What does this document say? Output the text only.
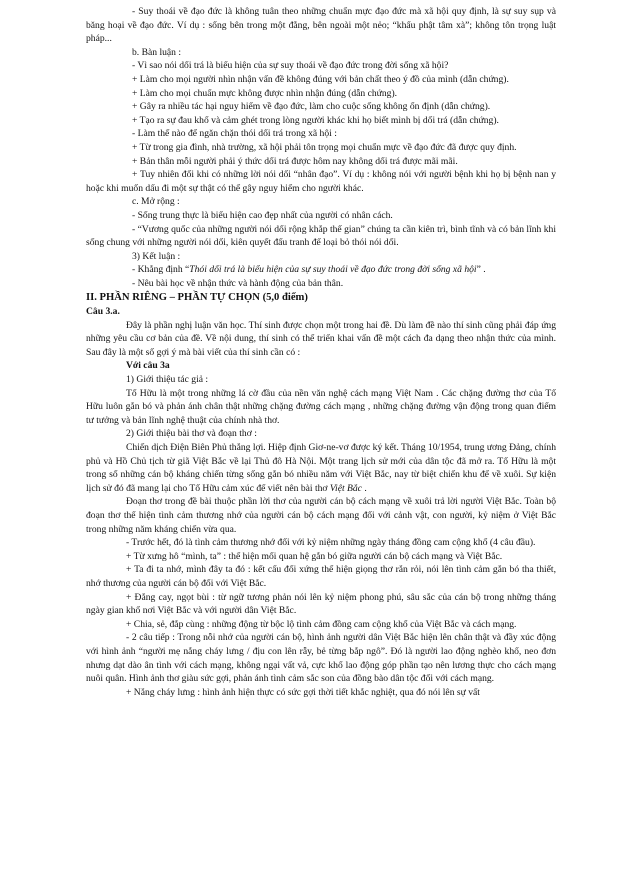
- Suy thoái về đạo đức là không tuân theo những chuẩn mực đạo đức mà xã hội quy định, là sự suy sụp và băng hoại về đạo đức. Ví dụ : sống bên trong một đằng, bên ngoài một nẻo; “khẩu phật tâm xà”; không tôn trọng luật pháp...

b. Bàn luận :

- Vì sao nói dối trá là biểu hiện của sự suy thoái về đạo đức trong đời sống xã hội?

+ Làm cho mọi người nhìn nhận vấn đề không đúng với bản chất theo ý đồ của mình (dẫn chứng).

+ Làm cho mọi chuẩn mực không được nhìn nhận đúng (dẫn chứng).

+ Gây ra nhiều tác hại nguy hiểm về đạo đức, làm cho cuộc sống không ổn định (dẫn chứng).

+ Tạo ra sự đau khổ và cảm ghét trong lòng người khác khi họ biết mình bị dối trá (dẫn chứng).

- Làm thế nào để ngăn chặn thói dối trá trong xã hội :

+ Từ trong gia đình, nhà trường, xã hội phải tôn trọng mọi chuẩn mực về đạo đức đã được quy định.

+ Bản thân mỗi người phải ý thức dối trá được hôm nay không dối trá được mãi mãi.

+ Tuy nhiên đối khi có những lời nói dối “nhân đạo”. Ví dụ : không nói với người bệnh khi họ bị bệnh nan y hoặc khi muốn dấu đi một sự thật có thể gây nguy hiểm cho người khác.

c. Mở rộng :

- Sống trung thực là biểu hiện cao đẹp nhất của người có nhân cách.

- “Vương quốc của những người nói dối rộng khắp thế gian” chúng ta cần kiên trì, bình tĩnh và có bản lĩnh khi sống chung với những người nói dối, kiên quyết đấu tranh để loại bỏ thói nói dối.

3) Kết luận :

- Khẳng định “Thói dối trá là biểu hiện của sự suy thoái về đạo đức trong đời sống xã hội” .

- Nêu bài học về nhận thức và hành động của bản thân.

II. PHẦN RIÊNG – PHẦN TỰ CHỌN (5,0 điểm)

Câu 3.a.

Đây là phần nghị luận văn học. Thí sinh được chọn một trong hai đề. Dù làm đề nào thí sinh cũng phải đáp ứng những yêu cầu cơ bản của đề. Về nội dung, thí sinh có thể triển khai vấn đề một cách đa dạng theo nhận thức của mình. Sau đây là một số gợi ý mà bài viết của thí sinh cần có :

Với câu 3a

1) Giới thiệu tác giả :

Tố Hữu là một trong những lá cờ đầu của nền văn nghệ cách mạng Việt Nam . Các chặng đường thơ của Tố Hữu luôn gắn bó và phản ánh chân thật những chặng đường cách mạng , những chặng đường vận động trong quan điểm tư tưởng và bản lĩnh nghệ thuật của chính nhà thơ.

2) Giới thiệu bài thơ và đoạn thơ :

Chiến dịch Điện Biên Phủ thắng lợi. Hiệp định Giơ-ne-vơ được ký kết. Tháng 10/1954, trung ương Đảng, chính phủ và Hồ Chủ tịch từ giã Việt Bắc về lại Thủ đô Hà Nội. Một trang lịch sử mới của dân tộc đã mở ra. Tố Hữu là một trong số những cán bộ kháng chiến từng sống gắn bó nhiều năm với Việt Bắc, nay từ biệt chiến khu để về xuôi. Sự kiện lịch sử đó đã mang lại cho Tố Hữu cảm xúc để viết nên bài thơ Việt Bắc .

Đoạn thơ trong đề bài thuộc phần lời thơ của người cán bộ cách mạng về xuôi trả lời người Việt Bắc. Toàn bộ đoạn thơ thể hiện tình cảm thương nhớ của người cán bộ cách mạng đối với cảnh vật, con người, kỷ niệm ở Việt Bắc trong những năm kháng chiến vừa qua.

- Trước hết, đó là tình cảm thương nhớ đối với kỷ niệm những ngày tháng đồng cam cộng khổ (4 câu đầu).

+ Từ xưng hô “mình, ta” : thể hiện mối quan hệ gắn bó giữa người cán bộ cách mạng và Việt Bắc.

+ Ta đi ta nhớ, mình đây ta đó : kết cấu đối xứng thể hiện giọng thơ rắn rỏi, nói lên tình cảm gắn bó tha thiết, nhớ thương của người cán bộ đối với Việt Bắc.

+ Đắng cay, ngọt bùi : từ ngữ tương phản nói lên kỷ niệm phong phú, sâu sắc của cán bộ trong những tháng ngày gian khổ nơi Việt Bắc và với người dân Việt Bắc.

+ Chia, sẻ, đắp cùng : những động từ bộc lộ tình cảm đồng cam cộng khổ của Việt Bắc và cách mạng.

- 2 câu tiếp : Trong nỗi nhớ của người cán bộ, hình ảnh người dân Việt Bắc hiện lên chân thật và đầy xúc động với hình ảnh “người mẹ nắng cháy lưng / địu con lên rẫy, bẻ từng bắp ngô”. Đó là người lao động nghèo khổ, neo đơn nhưng dạt dào ân tình với cách mạng, không ngại vất vả, cực khổ lao động góp phần tạo nên lương thực cho cách mạng nuôi quân. Hình ảnh thơ giàu sức gợi, phản ánh tình cảm sắc son của đồng bào dân tộc đối với cách mạng.

+ Nắng cháy lưng : hình ảnh hiện thực có sức gợi thời tiết khắc nghiệt, qua đó nói lên sự vất
